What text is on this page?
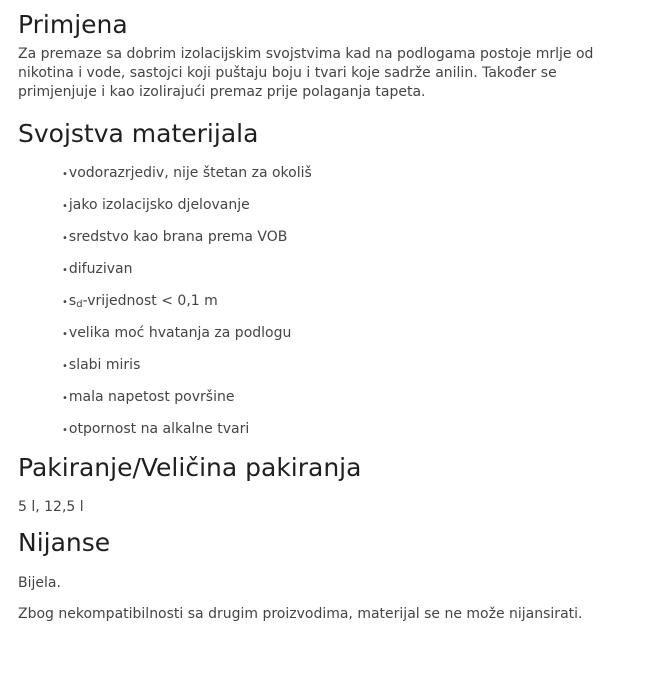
Primjena

Za premaze sa dobrim izolacijskim svojstvima kad na podlogama postoje mrlje od nikotina i vode, sastojci koji puštaju boju i tvari koje sadrže anilin. Također se primjenjuje i kao izolirajući premaz prije polaganja tapeta.

Svojstva materijala
•vodorazrjediv, nije štetan za okoliš
•jako izolacijsko djelovanje
•sredstvo kao brana prema VOB
•difuzivan
•sd-vrijednost < 0,1 m
•velika moć hvatanja za podlogu
•slabi miris
•mala napetost površine
•otpornost na alkalne tvari
Pakiranje/Veličina pakiranja

5 l, 12,5 l

Nijanse

Bijela.

Zbog nekompatibilnosti sa drugim proizvodima, materijal se ne može nijansirati.
